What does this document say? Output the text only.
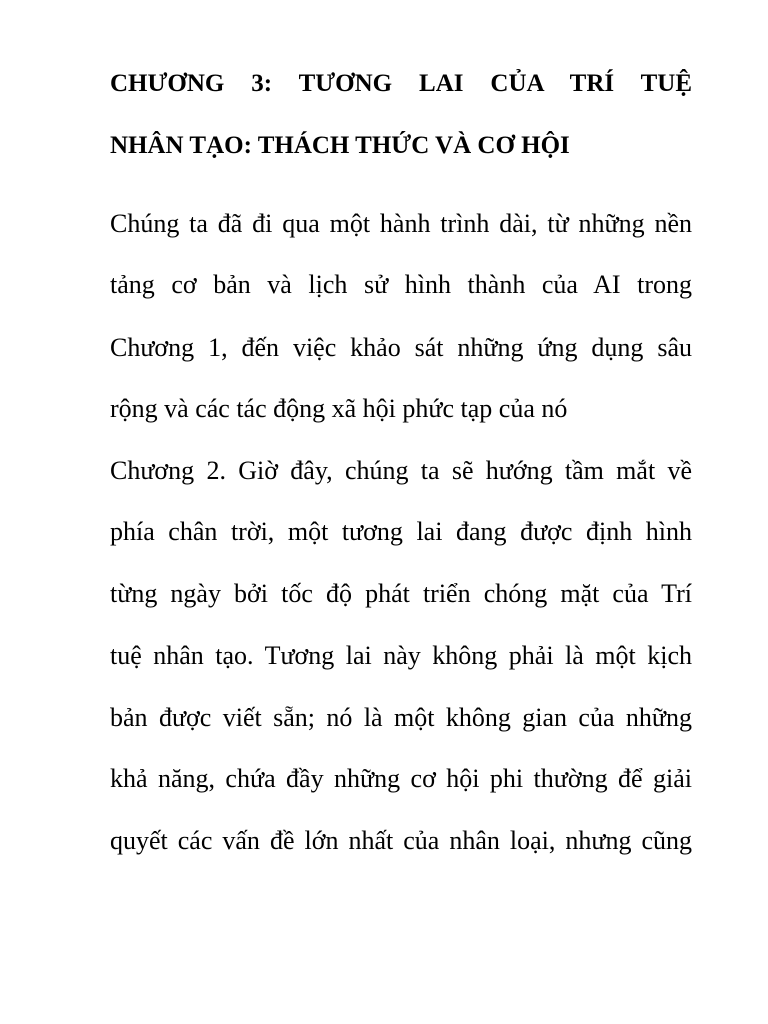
CHƯƠNG 3: TƯƠNG LAI CỦA TRÍ TUỆ

NHÂN TẠO: THÁCH THỨC VÀ CƠ HỘI

Chúng ta đã đi qua một hành trình dài, từ những nền

tảng cơ bản và lịch sử hình thành của AI trong

Chương 1, đến việc khảo sát những ứng dụng sâu

rộng và các tác động xã hội phức tạp của nó

Chương 2. Giờ đây, chúng ta sẽ hướng tầm mắt về

phía chân trời, một tương lai đang được định hình

từng ngày bởi tốc độ phát triển chóng mặt của Trí

tuệ nhân tạo. Tương lai này không phải là một kịch

bản được viết sẵn; nó là một không gian của những

khả năng, chứa đầy những cơ hội phi thường để giải

quyết các vấn đề lớn nhất của nhân loại, nhưng cũng
